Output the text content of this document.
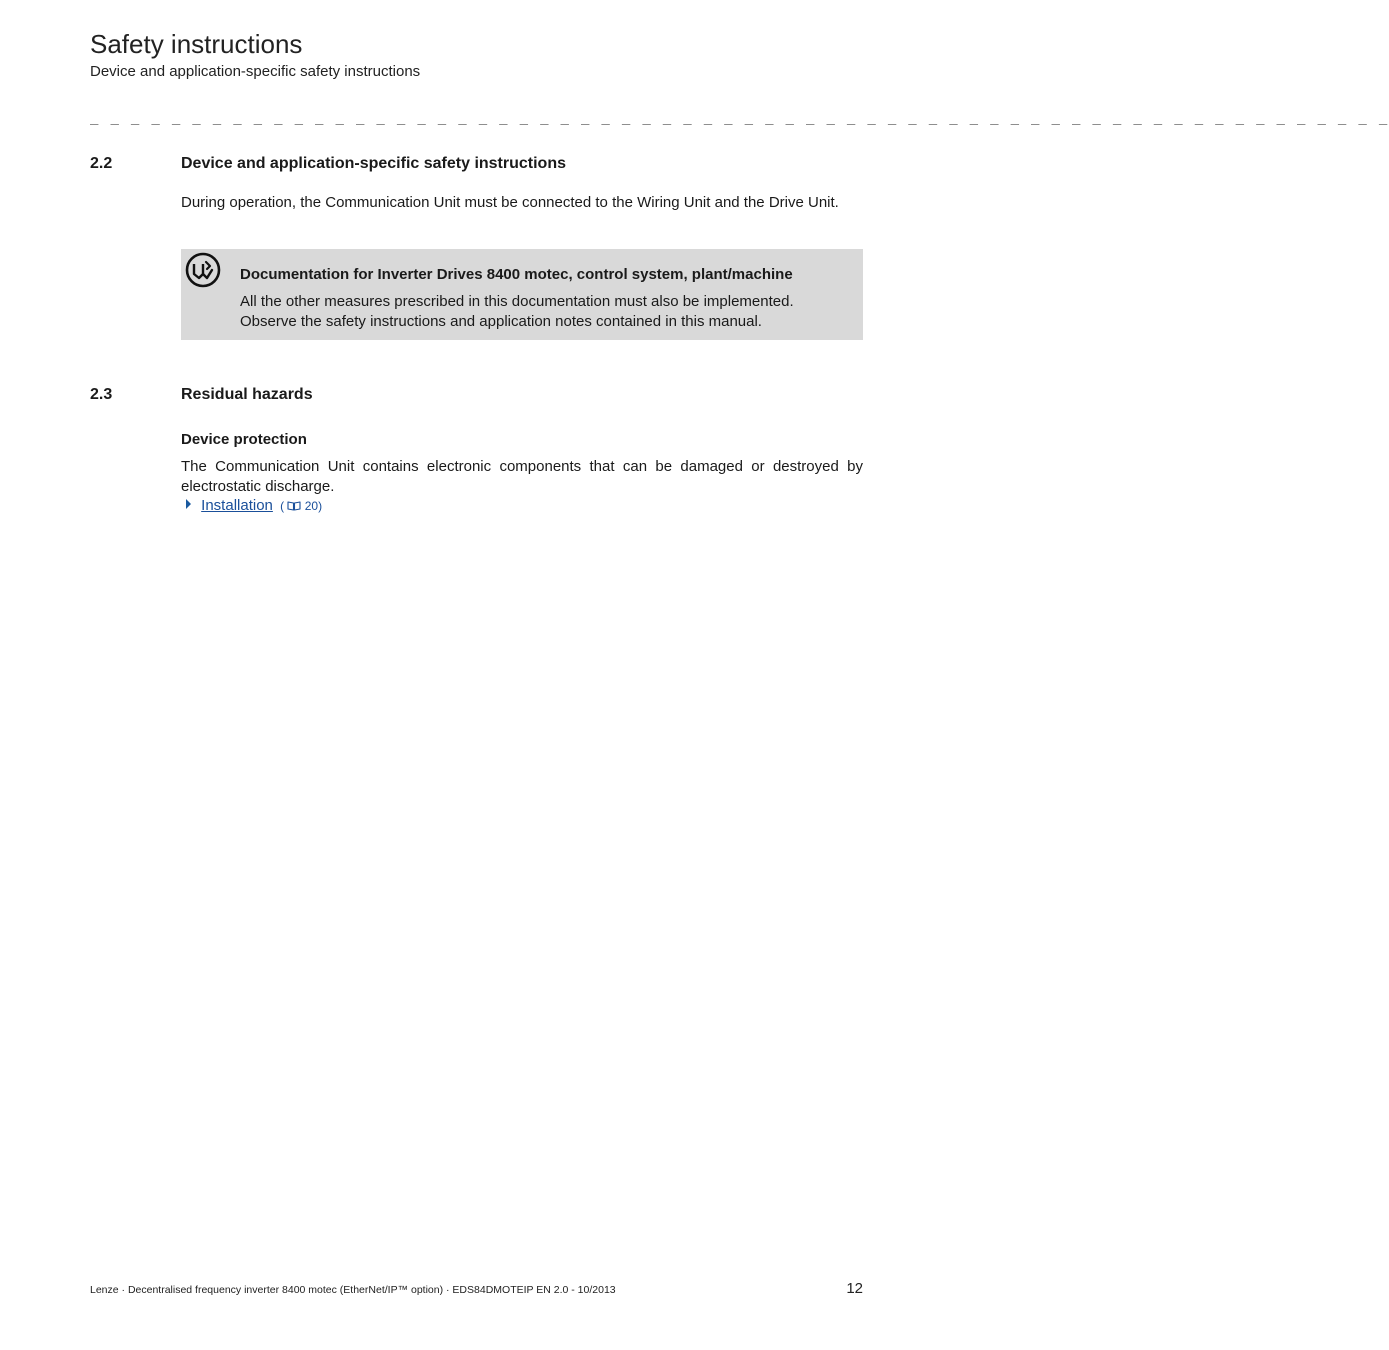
Safety instructions
Device and application-specific safety instructions
_ _ _ _ _ _ _ _ _ _ _ _ _ _ _ _ _ _ _ _ _ _ _ _ _ _ _ _ _ _ _ _ _ _ _ _ _ _ _ _ _ _ _ _ _ _ _ _ _ _ _ _ _ _ _ _ _ _ _ _ _ _ _ _
2.2	Device and application-specific safety instructions
During operation, the Communication Unit must be connected to the Wiring Unit and the Drive Unit.
Documentation for Inverter Drives 8400 motec, control system, plant/machine
All the other measures prescribed in this documentation must also be implemented.
Observe the safety instructions and application notes contained in this manual.
2.3	Residual hazards
Device protection
The Communication Unit contains electronic components that can be damaged or destroyed by electrostatic discharge.
Installation (  20)
Lenze · Decentralised frequency inverter 8400 motec (EtherNet/IP™ option) · EDS84DMOTEIP EN 2.0 - 10/2013	12
